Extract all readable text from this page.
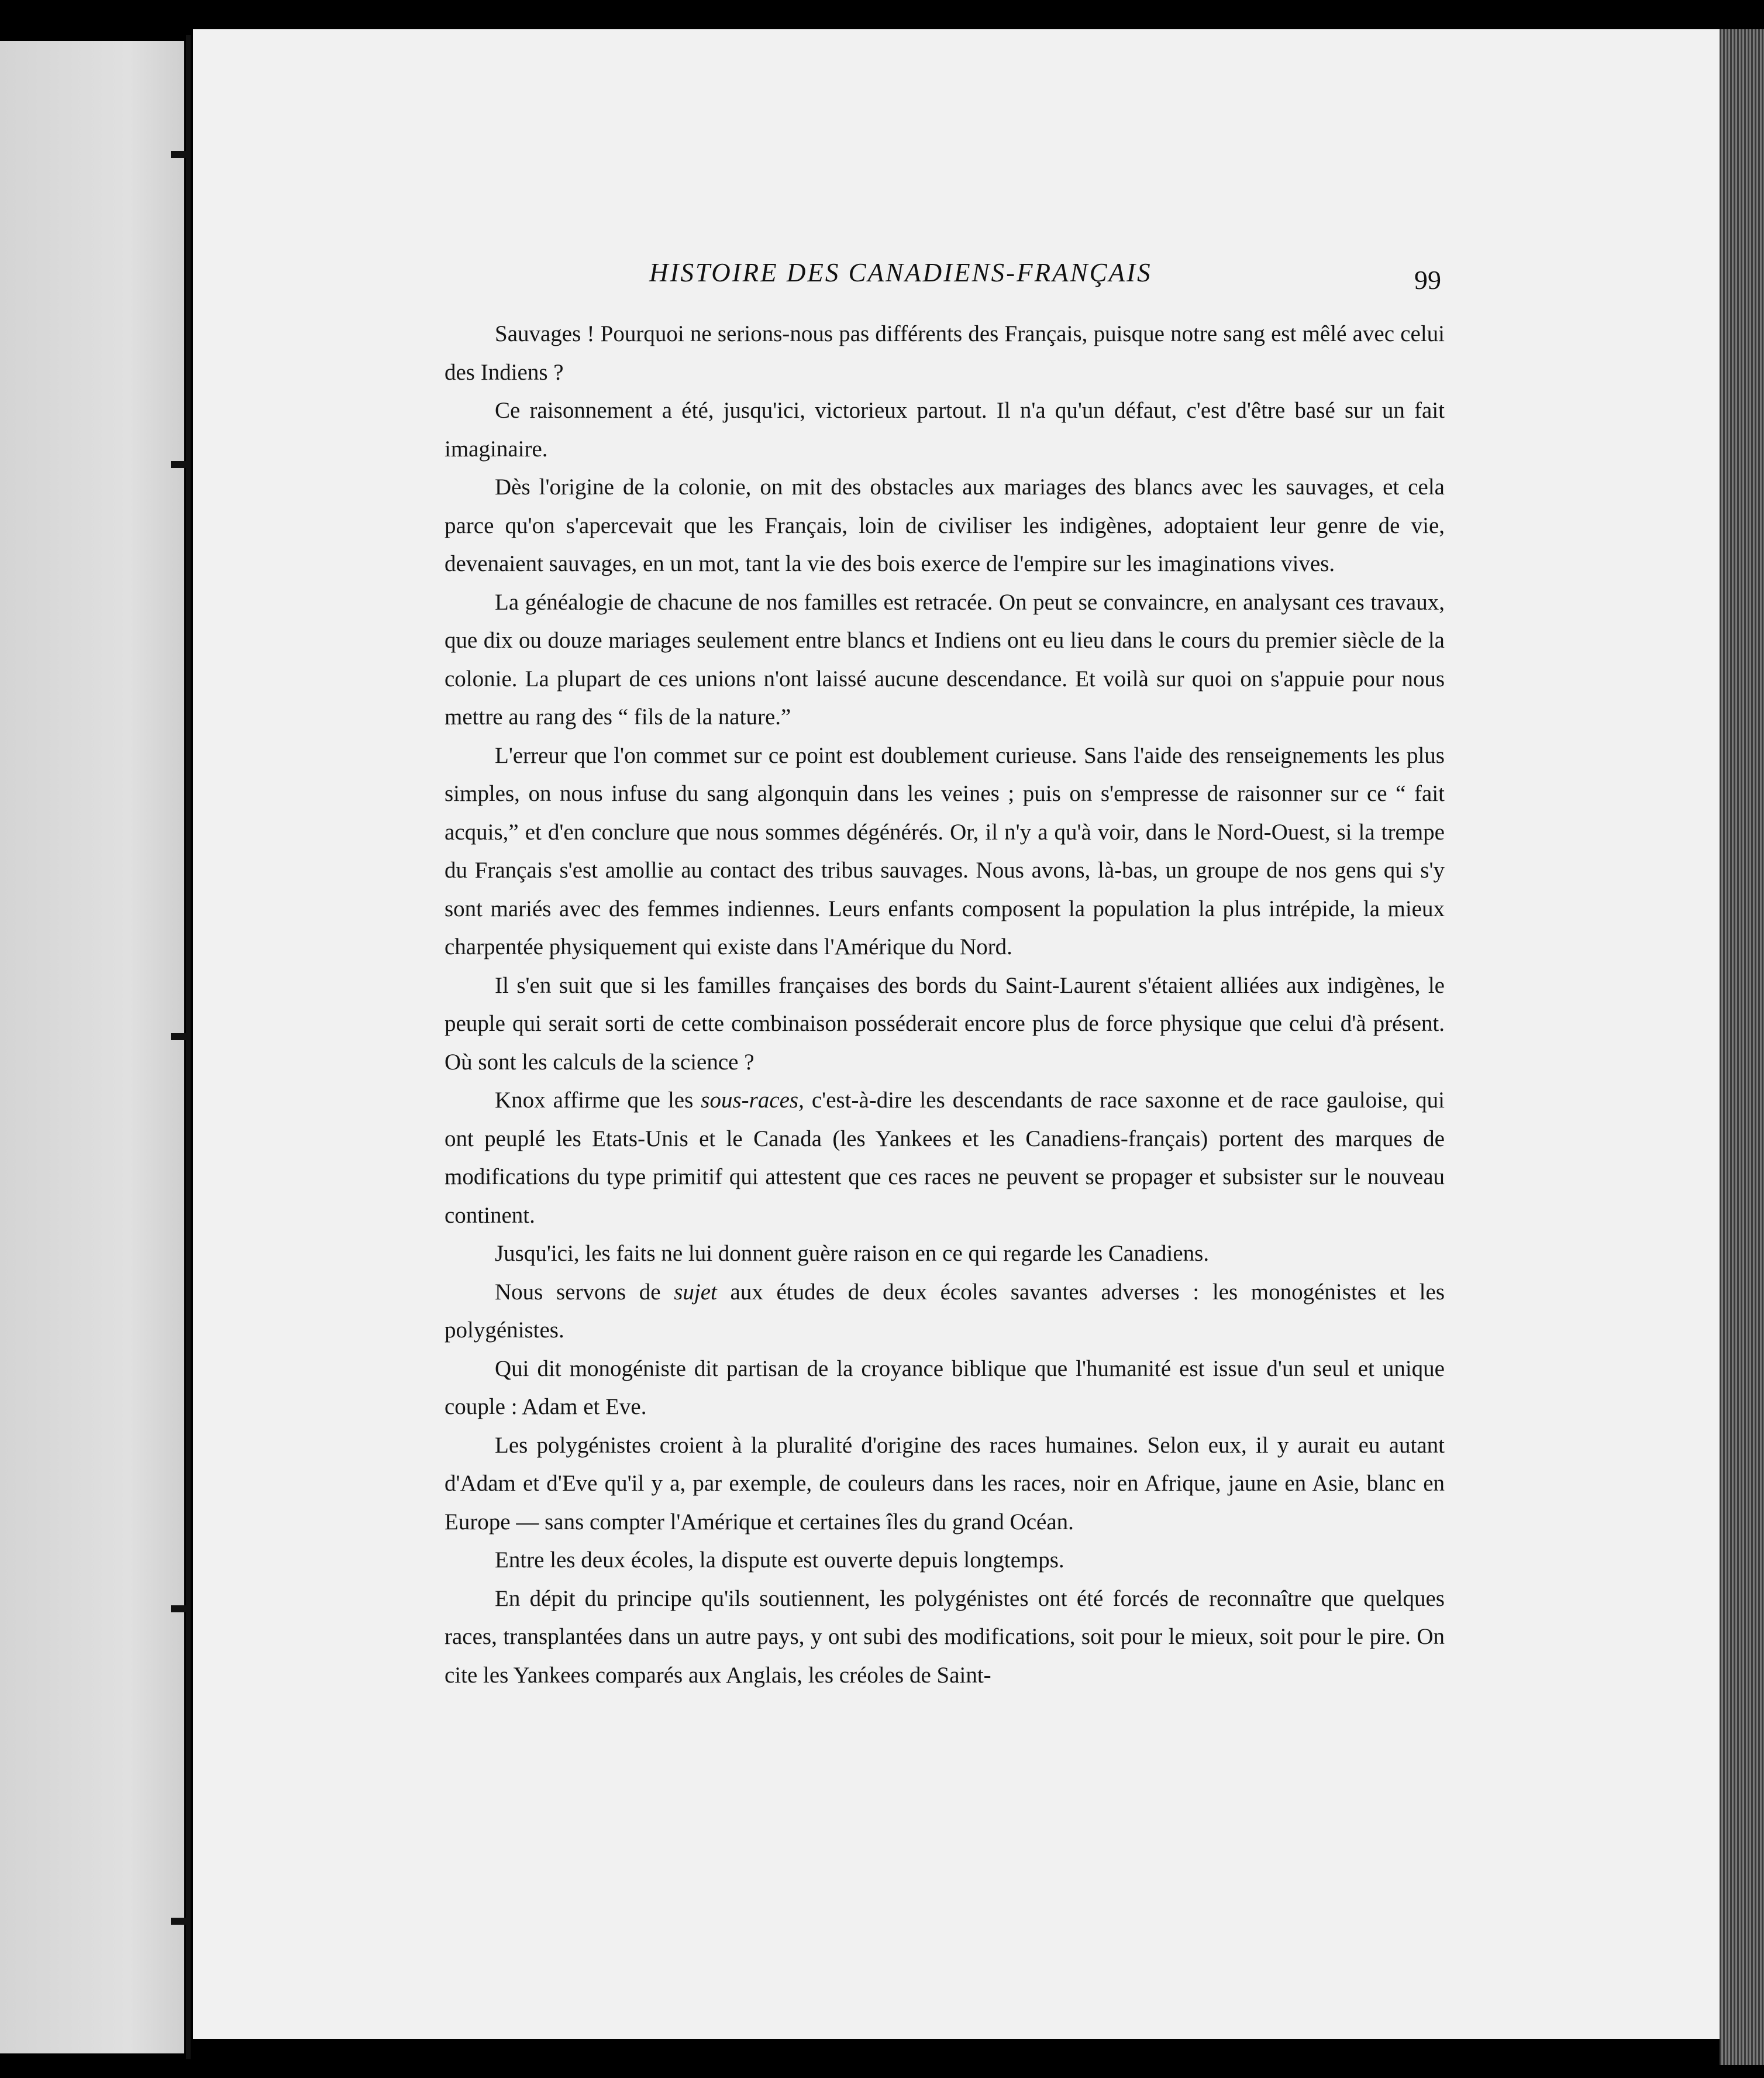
HISTOIRE DES CANADIENS-FRANÇAIS	99

Sauvages ! Pourquoi ne serions-nous pas différents des Français, puisque notre sang est mêlé avec celui des Indiens ?

Ce raisonnement a été, jusqu'ici, victorieux partout. Il n'a qu'un défaut, c'est d'être basé sur un fait imaginaire.

Dès l'origine de la colonie, on mit des obstacles aux mariages des blancs avec les sauvages, et cela parce qu'on s'apercevait que les Français, loin de civiliser les indigènes, adoptaient leur genre de vie, devenaient sauvages, en un mot, tant la vie des bois exerce de l'empire sur les imaginations vives.

La généalogie de chacune de nos familles est retracée. On peut se convaincre, en analysant ces travaux, que dix ou douze mariages seulement entre blancs et Indiens ont eu lieu dans le cours du premier siècle de la colonie. La plupart de ces unions n'ont laissé aucune descendance. Et voilà sur quoi on s'appuie pour nous mettre au rang des “ fils de la nature.”

L'erreur que l'on commet sur ce point est doublement curieuse. Sans l'aide des renseignements les plus simples, on nous infuse du sang algonquin dans les veines ; puis on s'empresse de raisonner sur ce “ fait acquis,” et d'en conclure que nous sommes dégénérés. Or, il n'y a qu'à voir, dans le Nord-Ouest, si la trempe du Français s'est amollie au contact des tribus sauvages. Nous avons, là-bas, un groupe de nos gens qui s'y sont mariés avec des femmes indiennes. Leurs enfants composent la population la plus intrépide, la mieux charpentée physiquement qui existe dans l'Amérique du Nord.

Il s'en suit que si les familles françaises des bords du Saint-Laurent s'étaient alliées aux indigènes, le peuple qui serait sorti de cette combinaison posséderait encore plus de force physique que celui d'à présent. Où sont les calculs de la science ?

Knox affirme que les sous-races, c'est-à-dire les descendants de race saxonne et de race gauloise, qui ont peuplé les Etats-Unis et le Canada (les Yankees et les Canadiens-français) portent des marques de modifications du type primitif qui attestent que ces races ne peuvent se propager et subsister sur le nouveau continent.

Jusqu'ici, les faits ne lui donnent guère raison en ce qui regarde les Canadiens.

Nous servons de sujet aux études de deux écoles savantes adverses : les monogénistes et les polygénistes.

Qui dit monogéniste dit partisan de la croyance biblique que l'humanité est issue d'un seul et unique couple : Adam et Eve.

Les polygénistes croient à la pluralité d'origine des races humaines. Selon eux, il y aurait eu autant d'Adam et d'Eve qu'il y a, par exemple, de couleurs dans les races, noir en Afrique, jaune en Asie, blanc en Europe — sans compter l'Amérique et certaines îles du grand Océan.

Entre les deux écoles, la dispute est ouverte depuis longtemps.

En dépit du principe qu'ils soutiennent, les polygénistes ont été forcés de reconnaître que quelques races, transplantées dans un autre pays, y ont subi des modifications, soit pour le mieux, soit pour le pire. On cite les Yankees comparés aux Anglais, les créoles de Saint-
